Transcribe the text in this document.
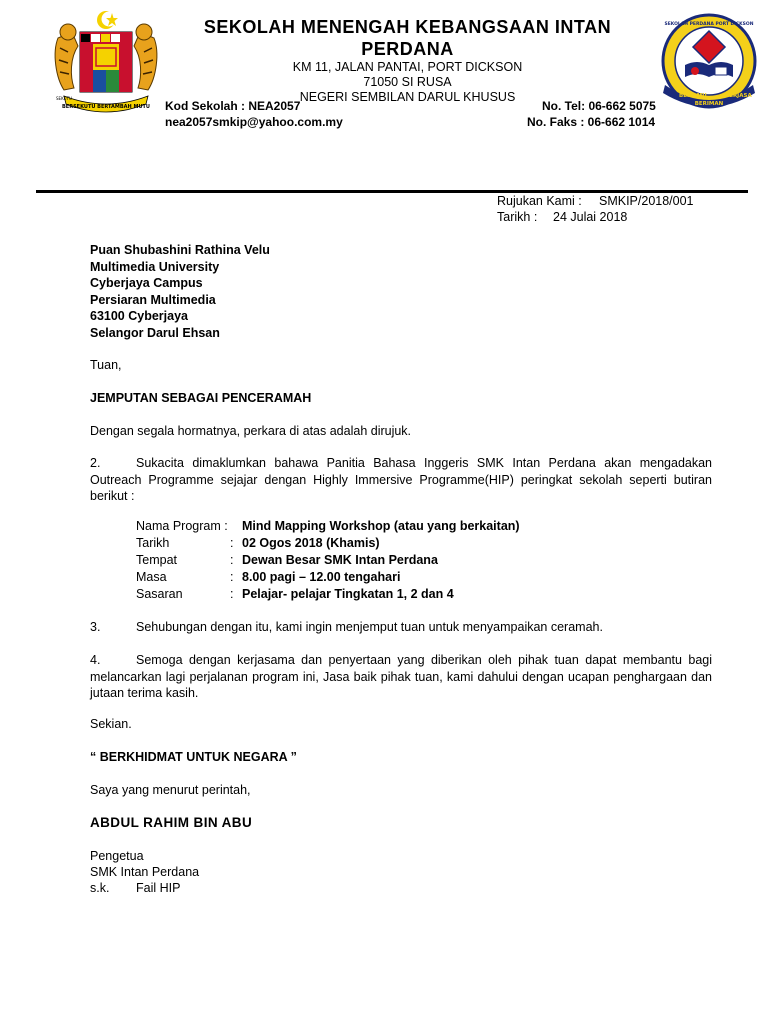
BERSEKUTU BERTAMBAH MUTU
SEKUTU	BERILMU
BERIMAN
BERJASA
SEKOLAH PERDANA PORT DICKSON
SEKOLAH MENENGAH KEBANGSAAN INTAN
PERDANA
KM 11, JALAN PANTAI, PORT DICKSON
71050 SI RUSA
NEGERI SEMBILAN DARUL KHUSUS
Kod Sekolah : NEA2057
nea2057smkip@yahoo.com.my
No. Tel: 06-662 5075
No. Faks : 06-662 1014
Rujukan Kami : SMKIP/2018/001
Tarikh : 24 Julai 2018
Puan Shubashini Rathina Velu
Multimedia University
Cyberjaya Campus
Persiaran Multimedia
63100 Cyberjaya
Selangor Darul Ehsan
Tuan,
JEMPUTAN SEBAGAI PENCERAMAH
Dengan segala hormatnya, perkara di atas adalah dirujuk.
2.	Sukacita dimaklumkan bahawa Panitia Bahasa Inggeris SMK Intan Perdana akan mengadakan Outreach Programme sejajar dengan Highly Immersive Programme(HIP) peringkat sekolah seperti butiran berikut :
Nama Program : Mind Mapping Workshop (atau yang berkaitan)
Tarikh	: 02 Ogos 2018 (Khamis)
Tempat	: Dewan Besar SMK Intan Perdana
Masa	: 8.00 pagi – 12.00 tengahari
Sasaran	: Pelajar- pelajar Tingkatan 1, 2 dan 4
3.	Sehubungan dengan itu, kami ingin menjemput tuan untuk menyampaikan ceramah.
4.	Semoga dengan kerjasama dan penyertaan yang diberikan oleh pihak tuan dapat membantu bagi melancarkan lagi perjalanan program ini, Jasa baik pihak tuan, kami dahului dengan ucapan penghargaan dan jutaan terima kasih.
Sekian.
“ BERKHIDMAT UNTUK NEGARA ”
Saya yang menurut perintah,
ABDUL RAHIM BIN ABU
Pengetua
SMK Intan Perdana
s.k. Fail HIP
